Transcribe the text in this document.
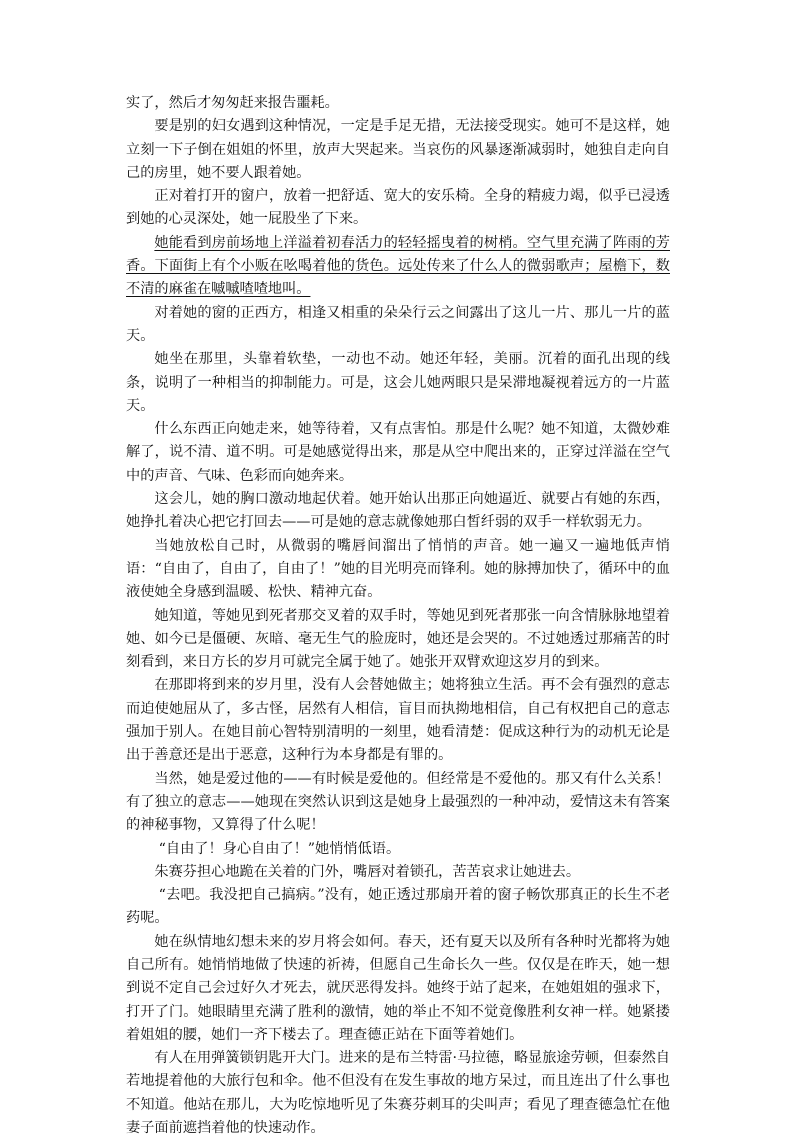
实了，然后才匆匆赶来报告噩耗。

要是别的妇女遇到这种情况，一定是手足无措，无法接受现实。她可不是这样，她立刻一下子倒在姐姐的怀里，放声大哭起来。当哀伤的风暴逐渐减弱时，她独自走向自己的房里，她不要人跟着她。

正对着打开的窗户，放着一把舒适、宽大的安乐椅。全身的精疲力竭，似乎已浸透到她的心灵深处，她一屁股坐了下来。

她能看到房前场地上洋溢着初春活力的轻轻摇曳着的树梢。空气里充满了阵雨的芳香。下面街上有个小贩在吆喝着他的货色。远处传来了什么人的微弱歌声；屋檐下，数不清的麻雀在嘁嘁喳喳地叫。

对着她的窗的正西方，相逢又相重的朵朵行云之间露出了这儿一片、那儿一片的蓝天。

她坐在那里，头靠着软垫，一动也不动。她还年轻，美丽。沉着的面孔出现的线条，说明了一种相当的抑制能力。可是，这会儿她两眼只是呆滞地凝视着远方的一片蓝天。

什么东西正向她走来，她等待着，又有点害怕。那是什么呢？她不知道，太微妙难解了，说不清、道不明。可是她感觉得出来，那是从空中爬出来的，正穿过洋溢在空气中的声音、气味、色彩而向她奔来。

这会儿，她的胸口激动地起伏着。她开始认出那正向她逼近、就要占有她的东西，她挣扎着决心把它打回去——可是她的意志就像她那白皙纤弱的双手一样软弱无力。

当她放松自己时，从微弱的嘴唇间溜出了悄悄的声音。她一遍又一遍地低声悄语：“自由了，自由了，自由了！”她的目光明亮而锋利。她的脉搏加快了，循环中的血液使她全身感到温暖、松快、精神亢奋。

她知道，等她见到死者那交叉着的双手时，等她见到死者那张一向含情脉脉地望着她、如今已是僵硬、灰暗、毫无生气的脸庞时，她还是会哭的。不过她透过那痛苦的时刻看到，来日方长的岁月可就完全属于她了。她张开双臂欢迎这岁月的到来。

在那即将到来的岁月里，没有人会替她做主；她将独立生活。再不会有强烈的意志而迫使她屈从了，多古怪，居然有人相信，盲目而执拗地相信，自己有权把自己的意志强加于别人。在她目前心智特别清明的一刻里，她看清楚：促成这种行为的动机无论是出于善意还是出于恶意，这种行为本身都是有罪的。

当然，她是爱过他的——有时候是爱他的。但经常是不爱他的。那又有什么关系！有了独立的意志——她现在突然认识到这是她身上最强烈的一种冲动，爱情这未有答案的神秘事物，又算得了什么呢！

“自由了！身心自由了！”她悄悄低语。

朱赛芬担心地跪在关着的门外，嘴唇对着锁孔，苦苦哀求让她进去。

“去吧。我没把自己搞病。”没有，她正透过那扇开着的窗子畅饮那真正的长生不老药呢。

她在纵情地幻想未来的岁月将会如何。春天，还有夏天以及所有各种时光都将为她自己所有。她悄悄地做了快速的祈祷，但愿自己生命长久一些。仅仅是在昨天，她一想到说不定自己会过好久才死去，就厌恶得发抖。她终于站了起来，在她姐姐的强求下，打开了门。她眼睛里充满了胜利的激情，她的举止不知不觉竟像胜利女神一样。她紧搂着姐姐的腰，她们一齐下楼去了。理查德正站在下面等着她们。

有人在用弹簧锁钥匙开大门。进来的是布兰特雷·马拉德，略显旅途劳顿，但泰然自若地提着他的大旅行包和伞。他不但没有在发生事故的地方呆过，而且连出了什么事也不知道。他站在那儿，大为吃惊地听见了朱赛芬刺耳的尖叫声；看见了理查德急忙在他妻子面前遮挡着他的快速动作。
